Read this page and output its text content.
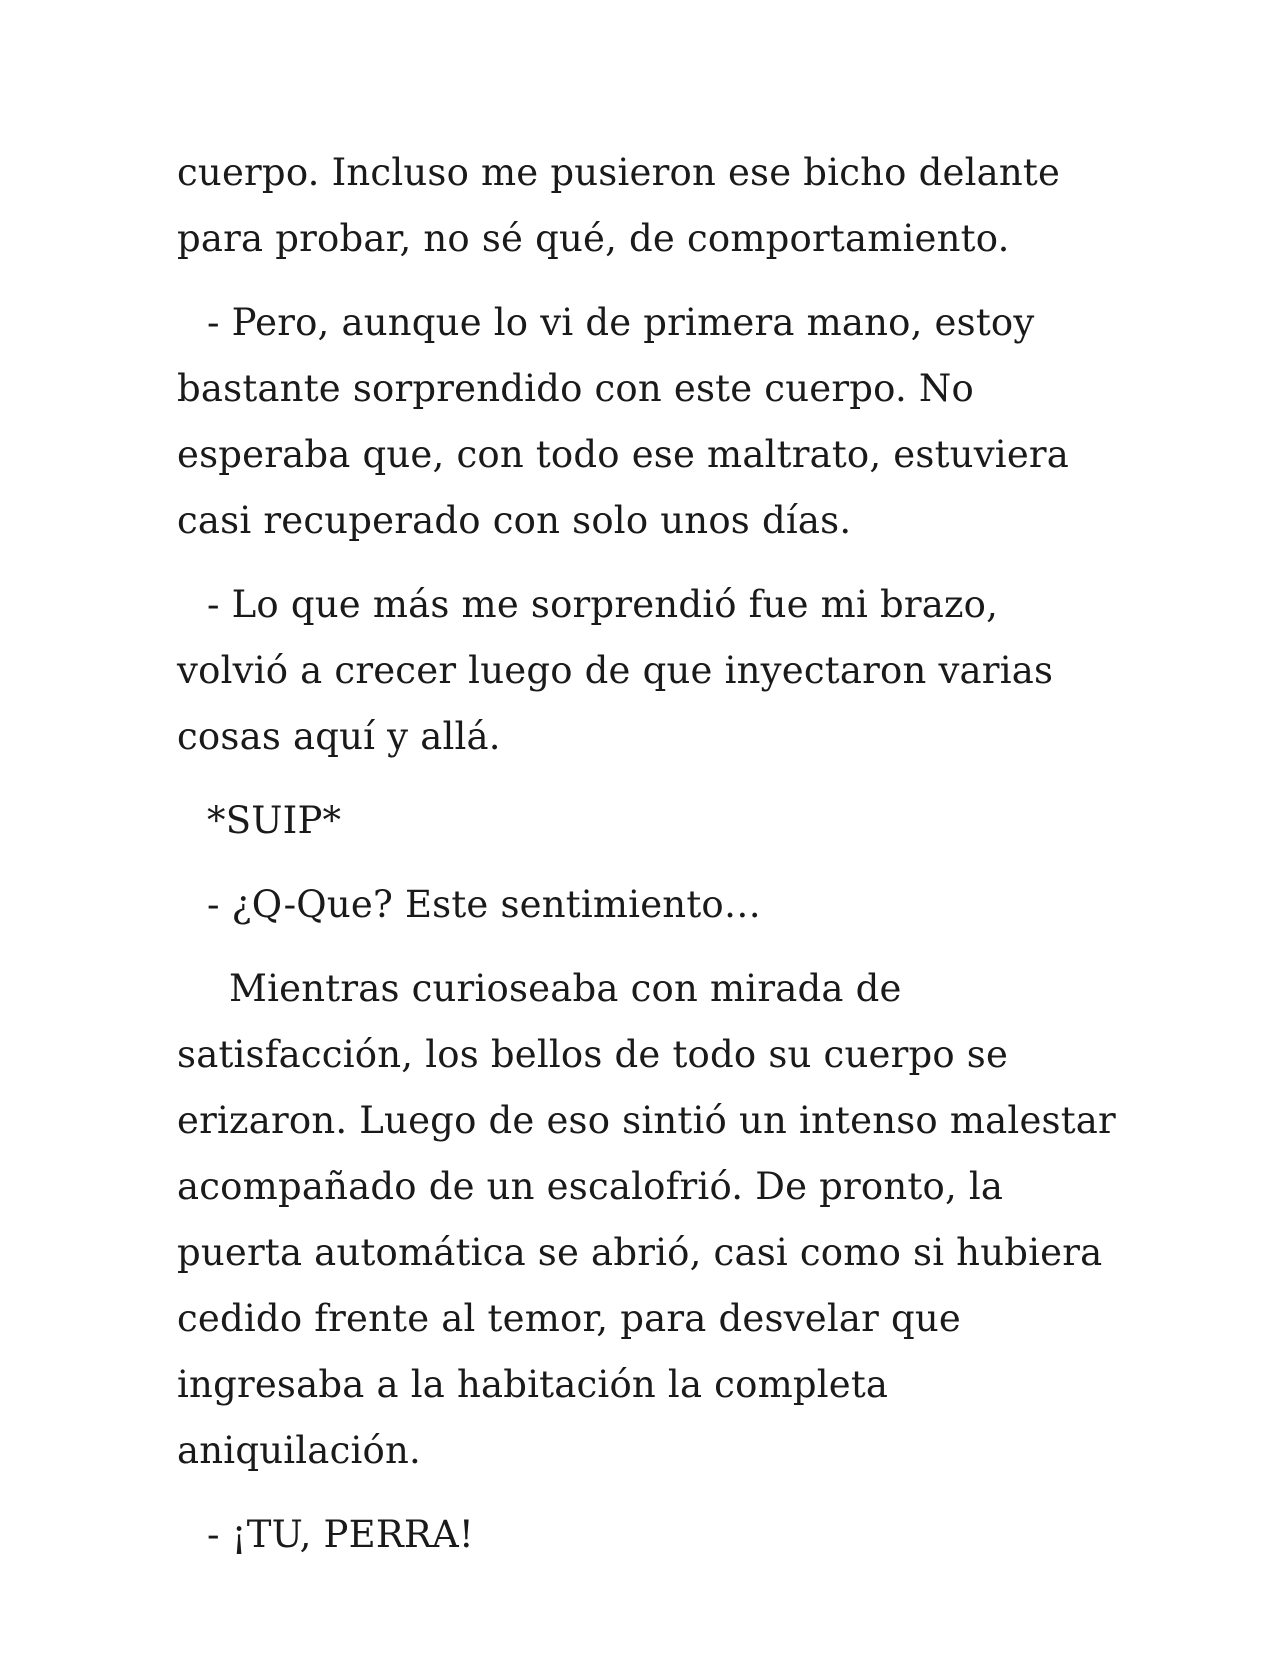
cuerpo. Incluso me pusieron ese bicho delante para probar, no sé qué, de comportamiento.

- Pero, aunque lo vi de primera mano, estoy bastante sorprendido con este cuerpo. No esperaba que, con todo ese maltrato, estuviera casi recuperado con solo unos días.

- Lo que más me sorprendió fue mi brazo, volvió a crecer luego de que inyectaron varias cosas aquí y allá.

*SUIP*

- ¿Q-Que? Este sentimiento…

Mientras curioseaba con mirada de satisfacción, los bellos de todo su cuerpo se erizaron. Luego de eso sintió un intenso malestar acompañado de un escalofrió. De pronto, la puerta automática se abrió, casi como si hubiera cedido frente al temor, para desvelar que ingresaba a la habitación la completa aniquilación.

- ¡TU, PERRA!
